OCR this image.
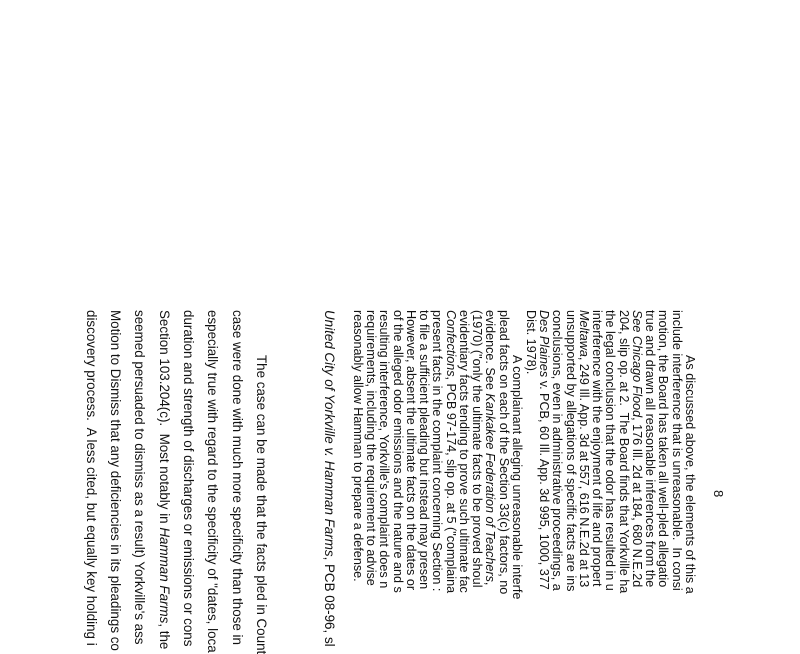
As discussed above, the elements of this a
include interference that is unreasonable.  In consi
motion, the Board has taken all well-pled allegatio
true and drawn all reasonable inferences from the
See Chicago Flood, 176 Ill. 2d at 184, 680 N.E.2d
204, slip op. at 2.  The Board finds that Yorkville ha
the legal conclusion that the odor has resulted in u
interference with the enjoyment of life and propert
Meltawa, 249 Ill. App. 3d at 557, 616 N.E.2d at 13
unsupported by allegations of specific facts are ins
conclusions, even in administrative proceedings, a
Des Plaines v. PCB, 60 Ill. App. 3d 995, 1000, 377
Dist. 1978).
A complainant alleging unreasonable interfe
plead facts on each of the Section 33(c) factors, no
evidence. See Kankakee Federation of Teachers,
(1970) ("only the ultimate facts to be proved shoul
evidentiary facts tending to prove such ultimate fac
Confections, PCB 97-174, slip op. at 5 ("complaina
present facts in the complaint concerning Section :
to file a sufficient pleading but instead may presen
However, absent the ultimate facts on the dates or
of the alleged odor emissions and the nature and s
resulting interference, Yorkville's complaint does n
requirements, including the requirement to advise
reasonably allow Hamman to prepare a defense.
United City of Yorkville v. Hamman Farms, PCB 08-96, sl
The case can be made that the facts pled in Count
case were done with much more specificity than those in
especially true with regard to the specificity of "dates, loca
duration and strength of discharges or emissions or cons
Section 103.204(c).  Most notably in Hamman Farms, the
seemed persuaded to dismiss as a result) Yorkville's ass
Motion to Dismiss that any deficiencies in its pleadings co
discovery process.  A less cited, but equally key holding i	8
